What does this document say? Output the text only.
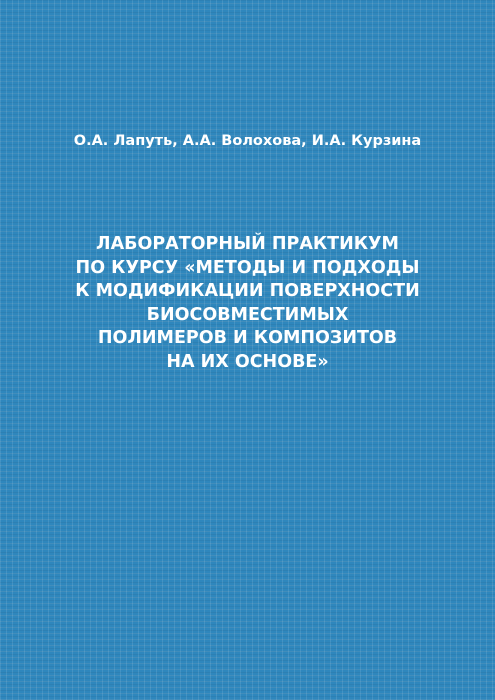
О.А. Лапуть, А.А. Волохова, И.А. Курзина
ЛАБОРАТОРНЫЙ ПРАКТИКУМ
ПО КУРСУ «МЕТОДЫ И ПОДХОДЫ
К МОДИФИКАЦИИ ПОВЕРХНОСТИ
БИОСОВМЕСТИМЫХ
ПОЛИМЕРОВ И КОМПОЗИТОВ
НА ИХ ОСНОВЕ»
